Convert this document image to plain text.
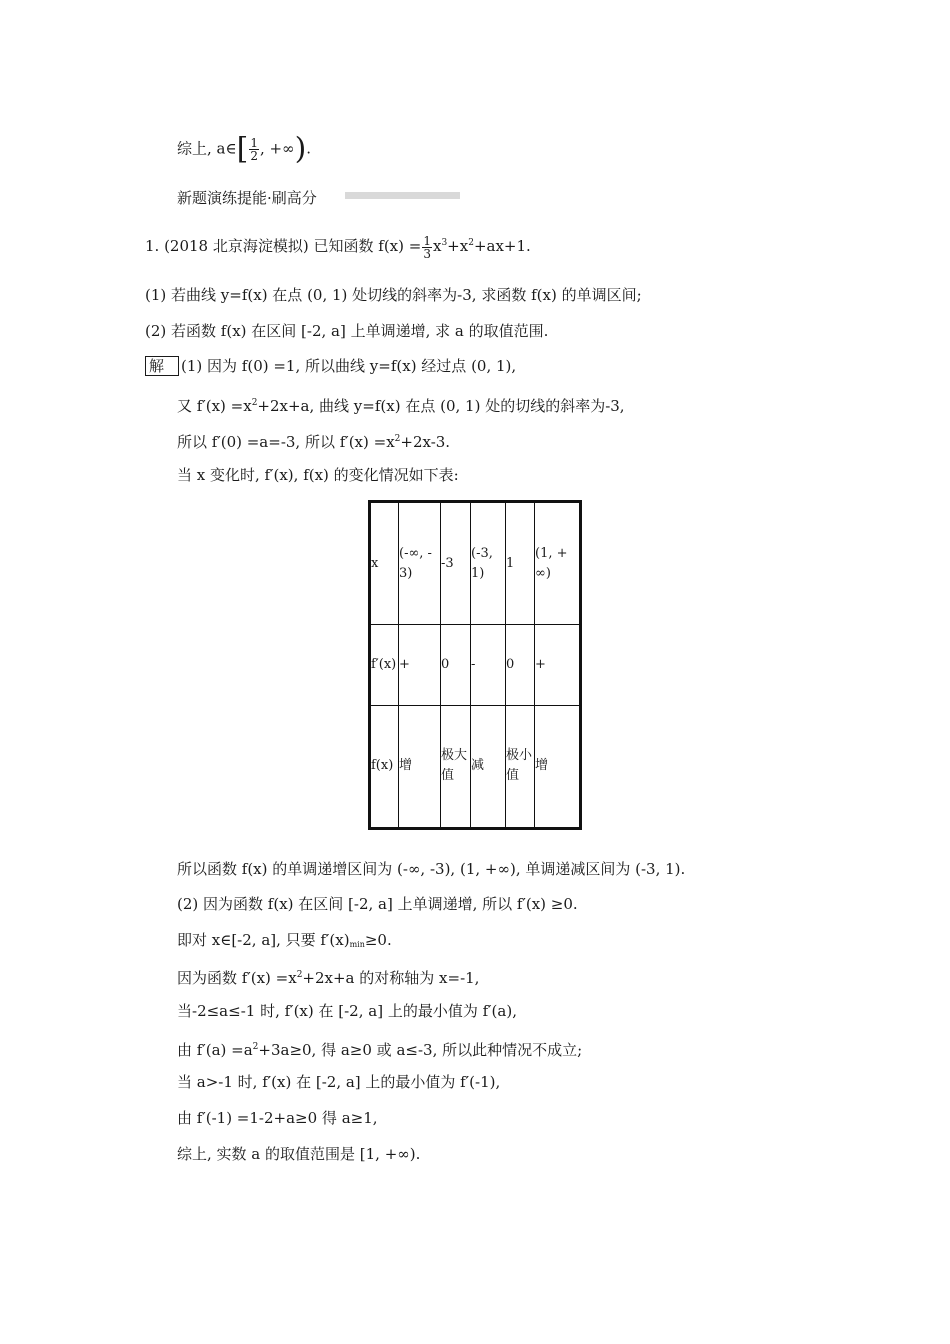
综上, a∈[ $\frac{1}{2}$ , +∞).
新题演练提能·刷高分
1. (2018 北京海淀模拟) 已知函数 $f(x) = \frac{1}{3} x^3+x^2+ax+1$.
(1) 若曲线 y=f(x) 在点 (0, 1) 处切线的斜率为-3, 求函数 f(x) 的单调区间;
(2) 若函数 f(x) 在区间 [-2, a] 上单调递增, 求 a 的取值范围.
解 (1) 因为 f(0) =1, 所以曲线 y=f(x) 经过点 (0, 1),
又 $f'(x) =x^2+2x+a$, 曲线 y=f(x) 在点 (0, 1) 处的切线的斜率为-3,
所以 f′(0) =a=-3, 所以 $f'(x) =x^2+2x-3$.
当 x 变化时, f′(x), f(x) 的变化情况如下表:
x	(-∞, -3)	-3	(-3, 1)	1	(1, +∞)
f′(x)	+	0	-	0	+
f(x)	增	极大值	减	极小值	增
所以函数 f(x) 的单调递增区间为 (-∞, -3), (1, +∞), 单调递减区间为 (-3, 1).
(2) 因为函数 f(x) 在区间 [-2, a] 上单调递增, 所以 f′(x) ≥0.
即对 x∈[-2, a], 只要 $f'(x)_{min}\ge 0$.
因为函数 $f'(x) =x^2+2x+a$ 的对称轴为 x=-1,
当-2≤a≤-1 时, f′(x) 在 [-2, a] 上的最小值为 f′(a),
由 $f'(a) =a^2+3a\ge 0$, 得 a≥0 或 a≤-3, 所以此种情况不成立;
当 a>-1 时, f′(x) 在 [-2, a] 上的最小值为 f′(-1),
由 f′(-1) =1-2+a≥0 得 a≥1,
综上, 实数 a 的取值范围是 [1, +∞).
